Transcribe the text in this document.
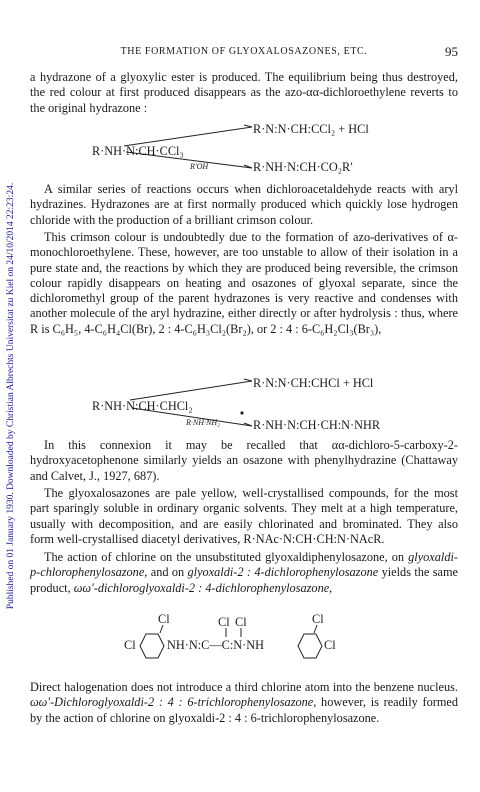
Published on 01 January 1930. Downloaded by Christian Albrechts Universitat zu Kiel on 24/10/2014 22:23:24.
THE FORMATION OF GLYOXALOSAZONES, ETC.	95

a hydrazone of a glyoxylic ester is produced. The equilibrium being thus destroyed, the red colour at first produced disappears as the azo-αα-dichloroethylene reverts to the original hydrazone :

R·NH·N:CH·CCl₃
R·N:N·CH:CCl₂ + HCl
R·NH·N:CH·CO₂R′
R′OH

A similar series of reactions occurs when dichloroacetaldehyde reacts with aryl hydrazines. Hydrazones are at first normally produced which quickly lose hydrogen chloride with the production of a brilliant crimson colour.

This crimson colour is undoubtedly due to the formation of azo-derivatives of α-monochloroethylene. These, however, are too unstable to allow of their isolation in a pure state and, the reactions by which they are produced being reversible, the crimson colour rapidly disappears on heating and osazones of glyoxal separate, since the dichloromethyl group of the parent hydrazones is very reactive and condenses with another molecule of the aryl hydrazine, either directly or after hydrolysis : thus, where R is C₆H₅, 4-C₆H₄Cl(Br), 2 : 4-C₆H₃Cl₂(Br₂), or 2 : 4 : 6-C₆H₂Cl₃(Br₃),

R·NH·N:CH·CHCl₂
R·N:N·CH:CHCl + HCl
R·NH·N:CH·CH:N·NHR
R·NH·NH₂

In this connexion it may be recalled that αα-dichloro-5-carboxy-2-hydroxyacetophenone similarly yields an osazone with phenylhydrazine (Chattaway and Calvet, J., 1927, 687).

The glyoxalosazones are pale yellow, well-crystallised compounds, for the most part sparingly soluble in ordinary organic solvents. They melt at a high temperature, usually with decomposition, and are easily chlorinated and brominated. They also form well-crystallised diacetyl derivatives, R·NAc·N:CH·CH:N·NAcR.

The action of chlorine on the unsubstituted glyoxaldiphenylosazone, on glyoxaldi-p-chlorophenylosazone, and on glyoxaldi-2 : 4-dichlorophenylosazone yields the same product, ωω′-dichloroglyoxaldi-2 : 4-dichlorophenylosazone,

Cl	Cl Cl	Cl
Cl	NH·N:C—C:N·NH	Cl

Direct halogenation does not introduce a third chlorine atom into the benzene nucleus. ωω′-Dichloroglyoxaldi-2 : 4 : 6-trichlorophenylosazone, however, is readily formed by the action of chlorine on glyoxaldi-2 : 4 : 6-trichlorophenylosazone.
